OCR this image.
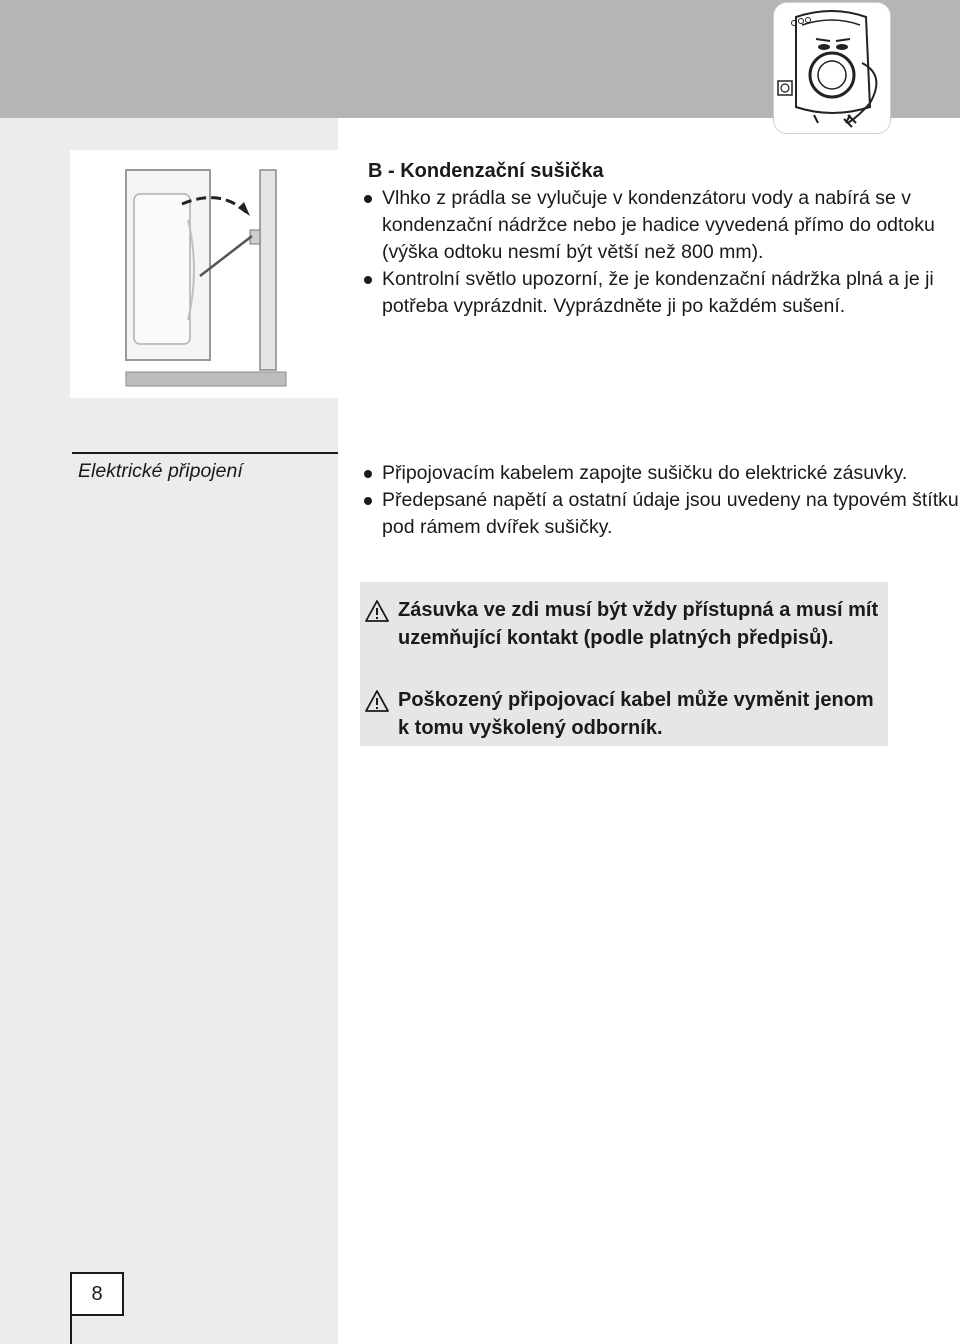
B - Kondenzační sušička

Vlhko z prádla se vylučuje v kondenzátoru vody a nabírá se v kondenzační nádržce nebo je hadice vyvedená přímo do odtoku (výška odtoku nesmí být větší než 800 mm).
Kontrolní světlo upozorní, že je kondenzační nádržka plná a je ji potřeba vyprázdnit. Vyprázdněte ji po každém sušení.
Elektrické připojení	Připojovacím kabelem zapojte sušičku do elektrické zásuvky.
Předepsané napětí a ostatní údaje jsou uvedeny na typovém štítku pod rámem dvířek sušičky.
Zásuvka ve zdi musí být vždy přístupná a musí mít uzemňující kontakt (podle platných předpisů).
Poškozený připojovací kabel může vyměnit jenom k tomu vyškolený odborník.
8
